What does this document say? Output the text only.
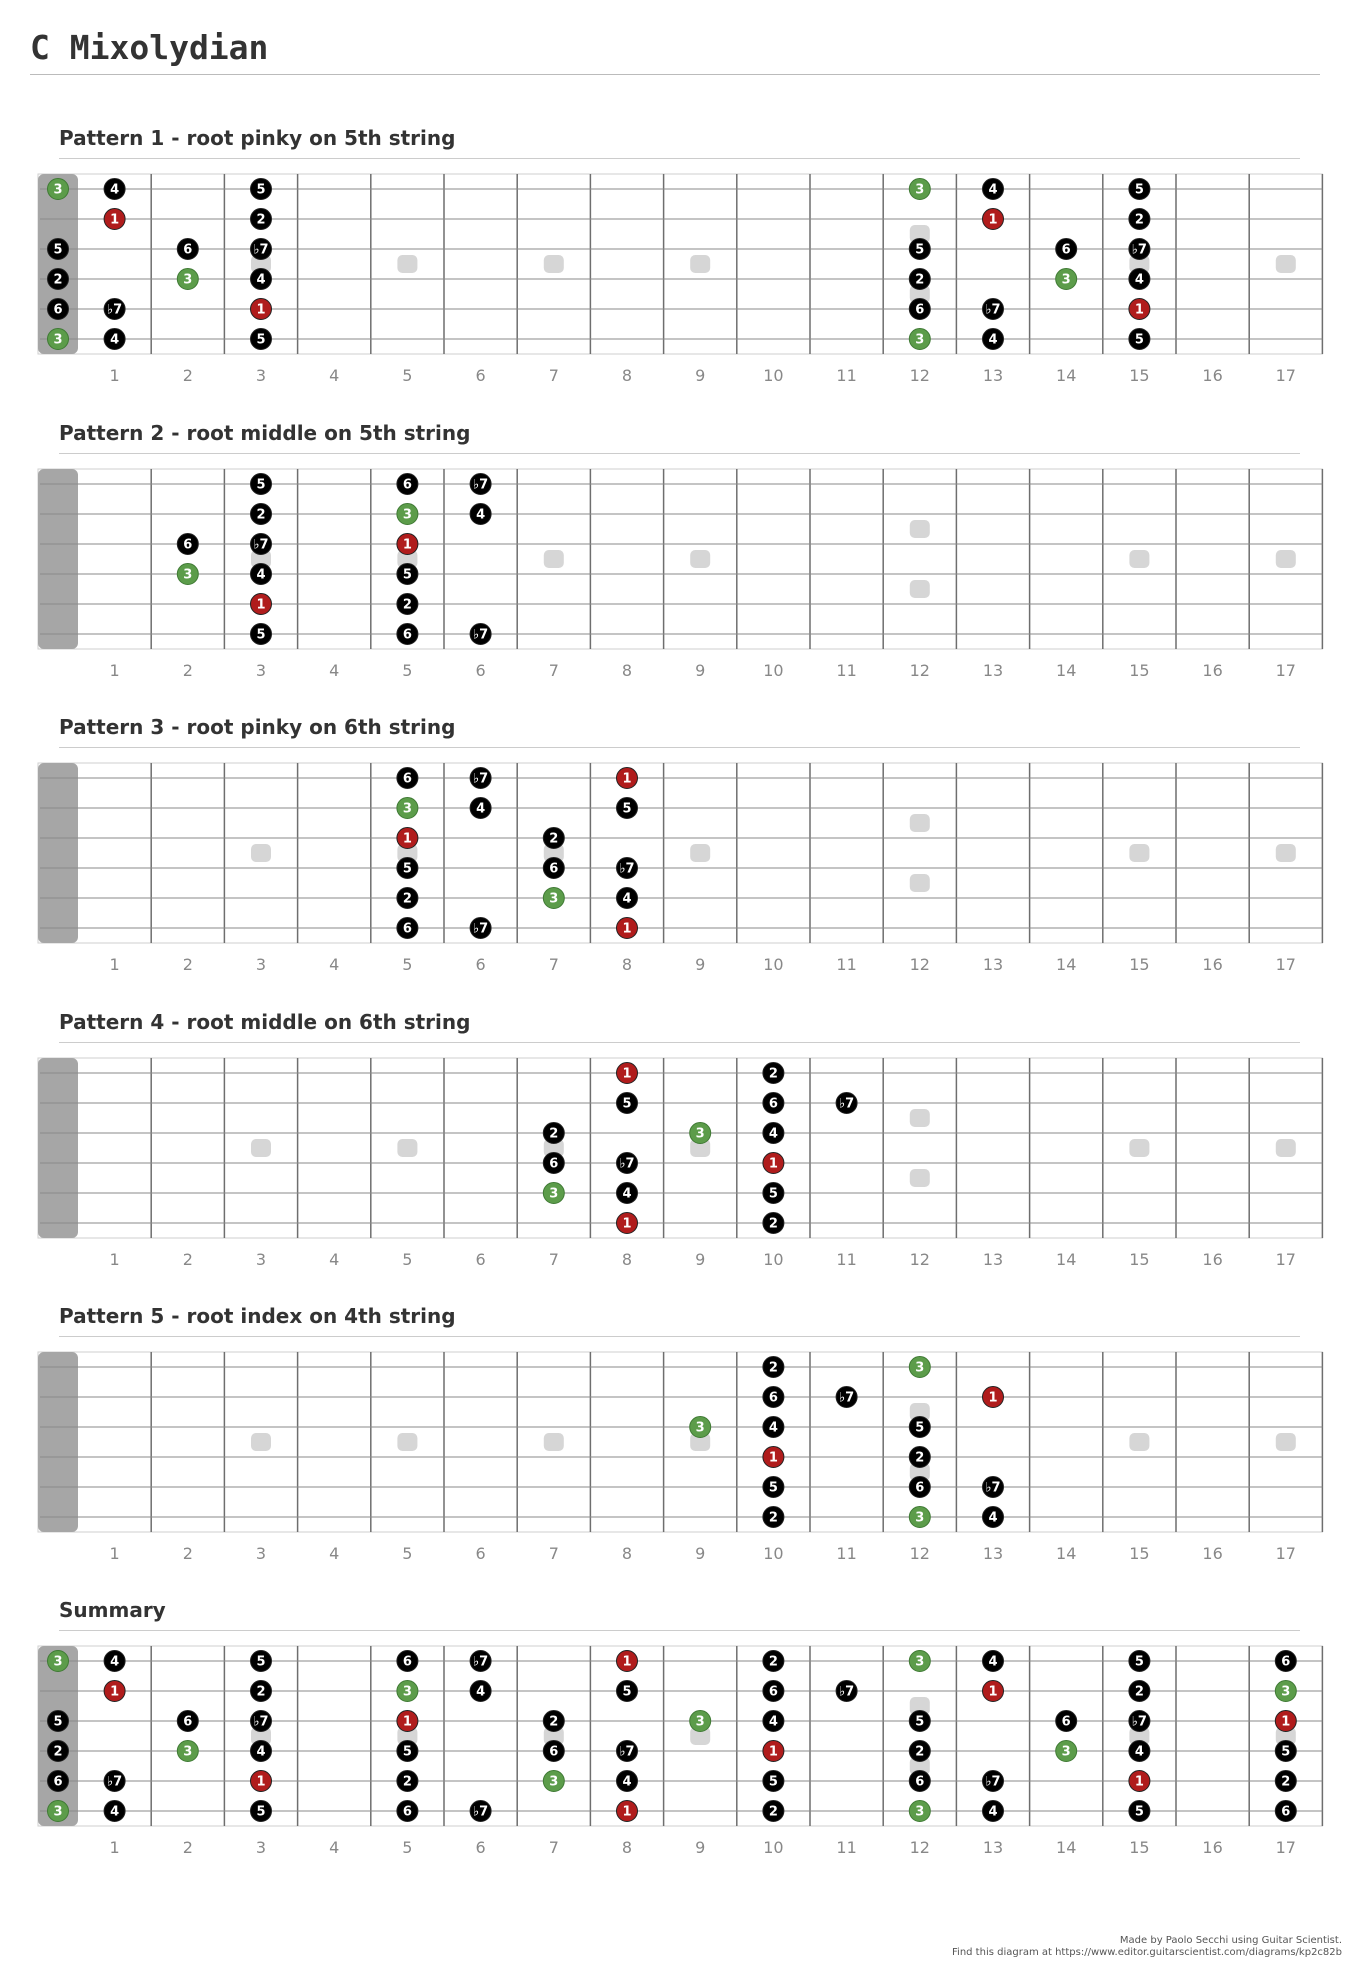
C Mixolydian
Pattern 1 - root pinky on 5th string
1	2	3	4	5	6	7	8	9	10	11	12	13	14	15	16	17
3	4	5
1	2
5	6	♭7
2	3	4
6	♭7	1
3	4	5
3	4	5
1	2
5	6	♭7
2	3	4
6	♭7	1
3	4	5
Pattern 2 - root middle on 5th string
1	2	3	4	5	6	7	8	9	10	11	12	13	14	15	16	17
5	6	♭7
2	3	4
6	♭7	1
3	4	5
1	2
5	6	♭7
Pattern 3 - root pinky on 6th string
1	2	3	4	5	6	7	8	9	10	11	12	13	14	15	16	17
6	♭7	1
3	4	5
1	2
5	6	♭7
2	3	4
6	♭7	1
Pattern 4 - root middle on 6th string
1	2	3	4	5	6	7	8	9	10	11	12	13	14	15	16	17
1	2
5	6	♭7
2	3	4
6	♭7	1
3	4	5
1	2
Pattern 5 - root index on 4th string
1	2	3	4	5	6	7	8	9	10	11	12	13	14	15	16	17
2	3
6	♭7	1
3	4	5
1	2
5	6	♭7
2	3	4
Summary
1	2	3	4	5	6	7	8	9	10	11	12	13	14	15	16	17
3	4	5	6	♭7	1	2	3	4	5	6
1	2	3	4	5	6	♭7	1	2	3
5	6	♭7	1	2	3	4	5	6	♭7	1
2	3	4	5	6	♭7	1	2	3	4	5
6	♭7	1	2	3	4	5	6	♭7	1	2
3	4	5	6	♭7	1	2	3	4	5	6
Made by Paolo Secchi using Guitar Scientist.
Find this diagram at https://www.editor.guitarscientist.com/diagrams/kp2c82b
